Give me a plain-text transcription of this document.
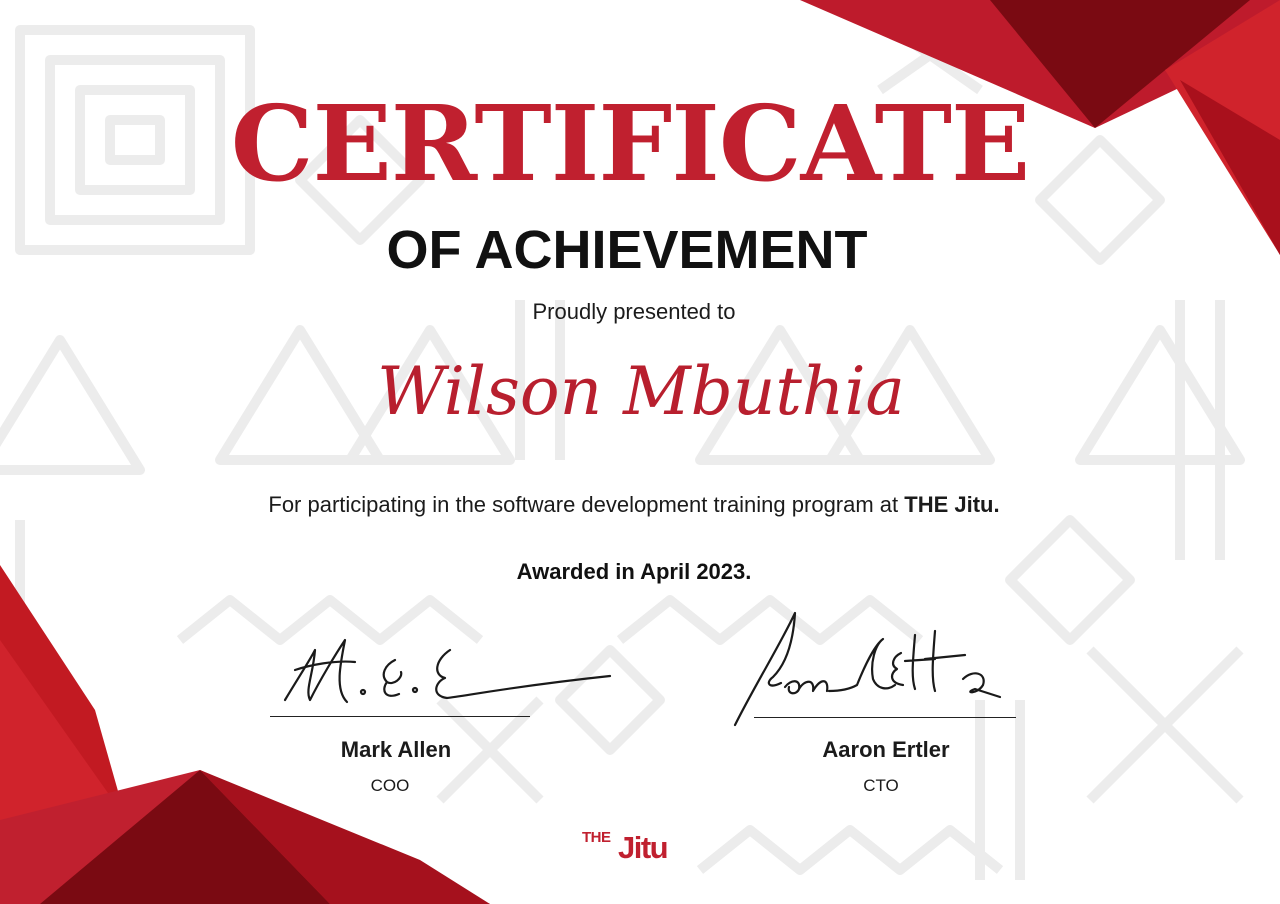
CERTIFICATE
OF ACHIEVEMENT
Proudly presented to
Wilson Mbuthia
For participating in the software development training program at THE Jitu.
Awarded in April 2023.
Mark Allen
COO
Aaron Ertler
CTO
THE Jitu
